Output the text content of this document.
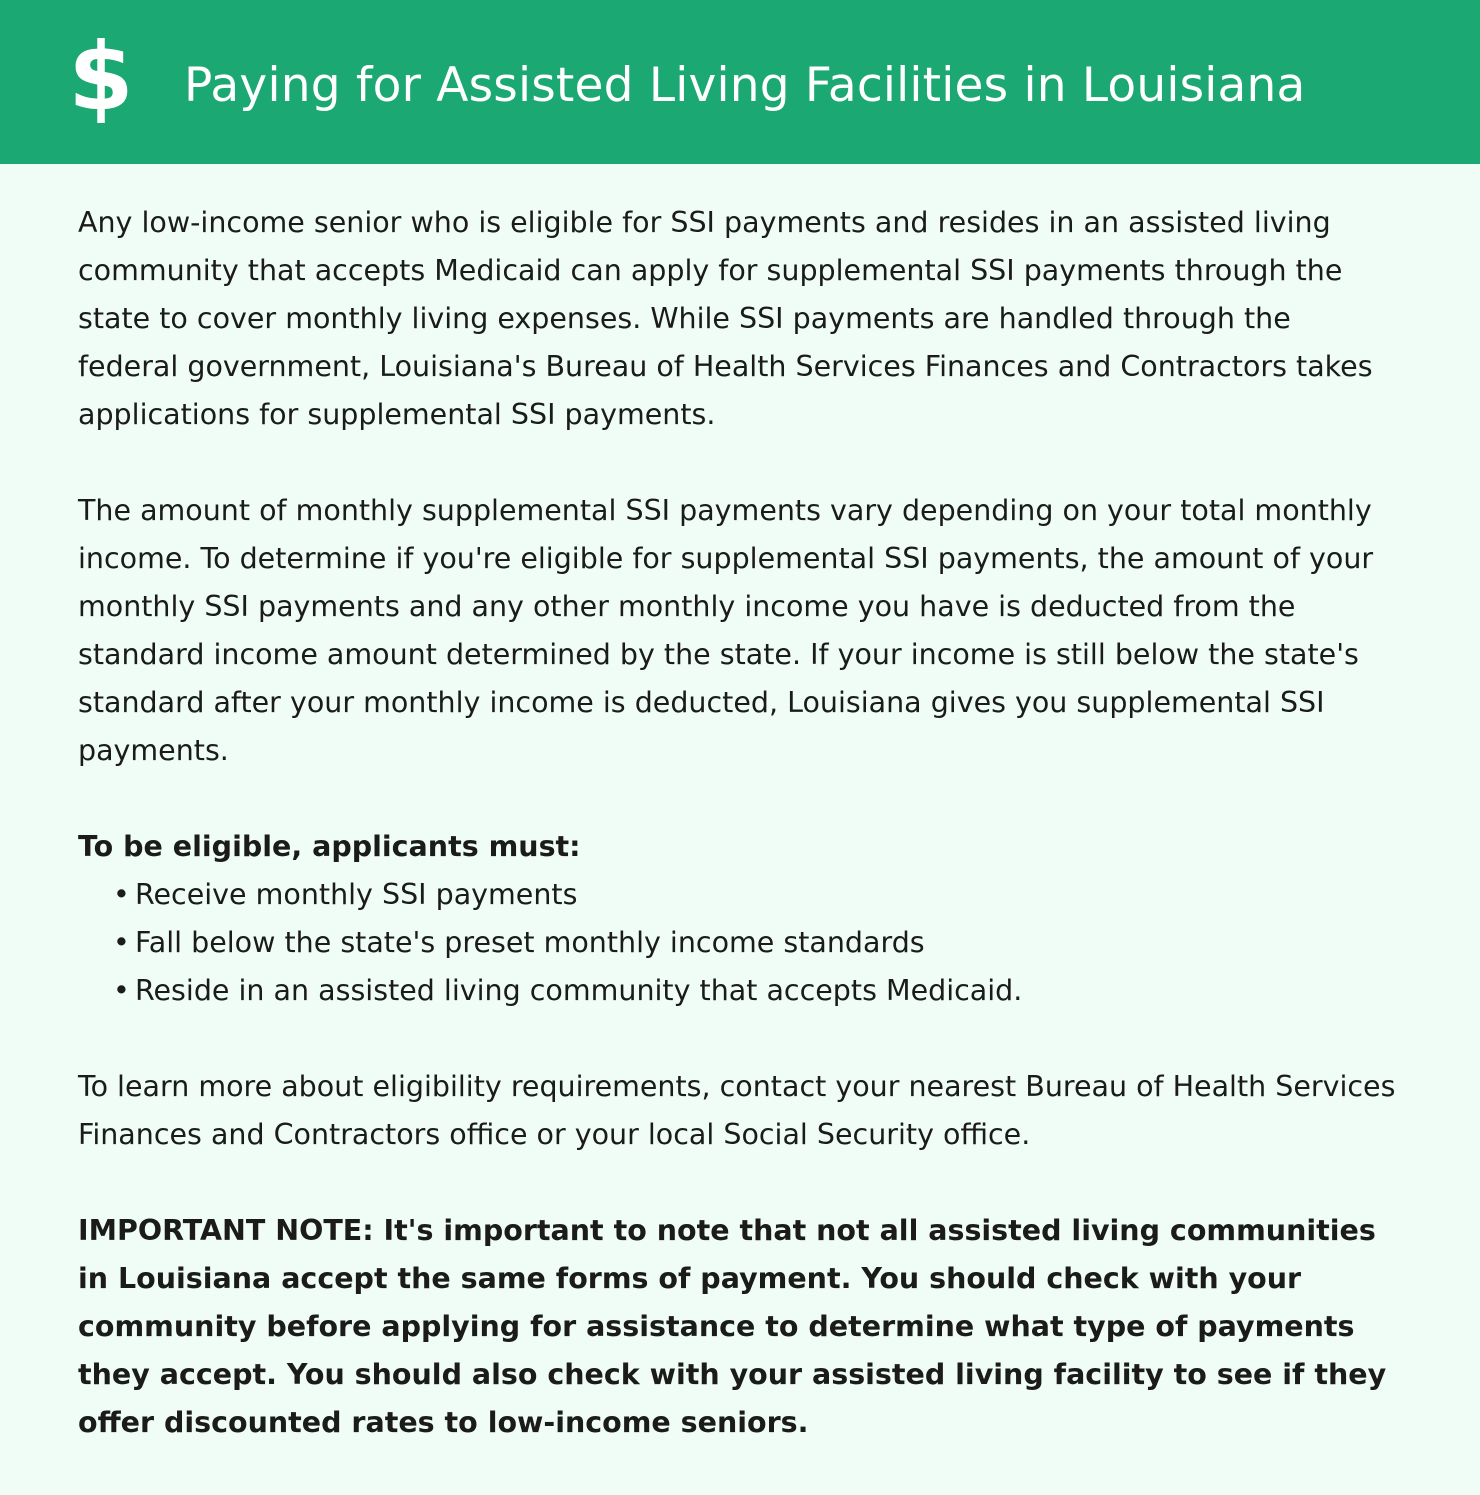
$ Paying for Assisted Living Facilities in Louisiana

Any low-income senior who is eligible for SSI payments and resides in an assisted living community that accepts Medicaid can apply for supplemental SSI payments through the state to cover monthly living expenses. While SSI payments are handled through the federal government, Louisiana's Bureau of Health Services Finances and Contractors takes applications for supplemental SSI payments.

The amount of monthly supplemental SSI payments vary depending on your total monthly income. To determine if you're eligible for supplemental SSI payments, the amount of your monthly SSI payments and any other monthly income you have is deducted from the standard income amount determined by the state. If your income is still below the state's standard after your monthly income is deducted, Louisiana gives you supplemental SSI payments.

To be eligible, applicants must:

• Receive monthly SSI payments
• Fall below the state's preset monthly income standards
• Reside in an assisted living community that accepts Medicaid.

To learn more about eligibility requirements, contact your nearest Bureau of Health Services Finances and Contractors office or your local Social Security office.

IMPORTANT NOTE: It's important to note that not all assisted living communities in Louisiana accept the same forms of payment. You should check with your community before applying for assistance to determine what type of payments they accept. You should also check with your assisted living facility to see if they offer discounted rates to low-income seniors.
